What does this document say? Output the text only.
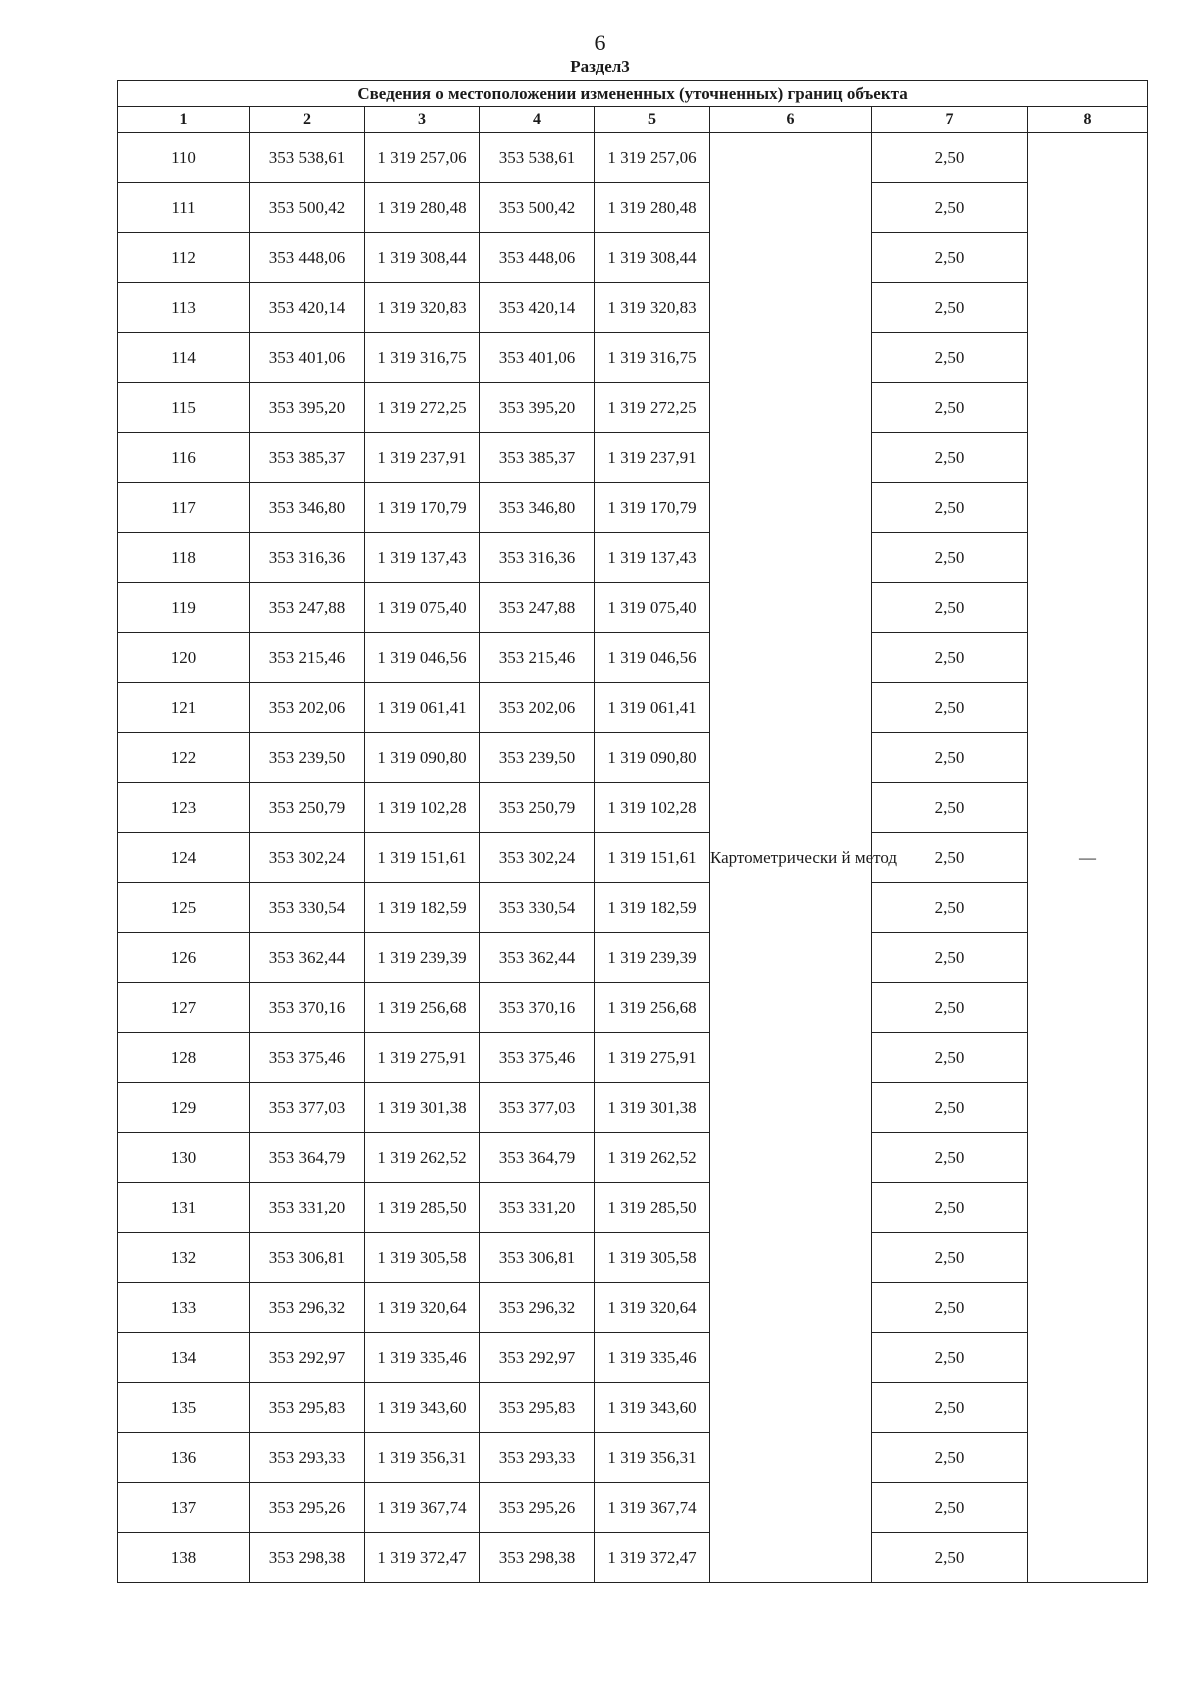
6
Раздел3
Сведения о местоположении измененных (уточненных) границ объекта							
1	2	3	4	5	6	7	8
110	353 538,61	1 319 257,06	353 538,61	1 319 257,06	Картометрически й метод	2,50	—
111	353 500,42	1 319 280,48	353 500,42	1 319 280,48		2,50	
112	353 448,06	1 319 308,44	353 448,06	1 319 308,44		2,50	
113	353 420,14	1 319 320,83	353 420,14	1 319 320,83		2,50	
114	353 401,06	1 319 316,75	353 401,06	1 319 316,75		2,50	
115	353 395,20	1 319 272,25	353 395,20	1 319 272,25		2,50	
116	353 385,37	1 319 237,91	353 385,37	1 319 237,91		2,50	
117	353 346,80	1 319 170,79	353 346,80	1 319 170,79		2,50	
118	353 316,36	1 319 137,43	353 316,36	1 319 137,43		2,50	
119	353 247,88	1 319 075,40	353 247,88	1 319 075,40		2,50	
120	353 215,46	1 319 046,56	353 215,46	1 319 046,56		2,50	
121	353 202,06	1 319 061,41	353 202,06	1 319 061,41		2,50	
122	353 239,50	1 319 090,80	353 239,50	1 319 090,80		2,50	
123	353 250,79	1 319 102,28	353 250,79	1 319 102,28		2,50	
124	353 302,24	1 319 151,61	353 302,24	1 319 151,61		2,50	
125	353 330,54	1 319 182,59	353 330,54	1 319 182,59		2,50	
126	353 362,44	1 319 239,39	353 362,44	1 319 239,39		2,50	
127	353 370,16	1 319 256,68	353 370,16	1 319 256,68		2,50	
128	353 375,46	1 319 275,91	353 375,46	1 319 275,91		2,50	
129	353 377,03	1 319 301,38	353 377,03	1 319 301,38		2,50	
130	353 364,79	1 319 262,52	353 364,79	1 319 262,52		2,50	
131	353 331,20	1 319 285,50	353 331,20	1 319 285,50		2,50	
132	353 306,81	1 319 305,58	353 306,81	1 319 305,58		2,50	
133	353 296,32	1 319 320,64	353 296,32	1 319 320,64		2,50	
134	353 292,97	1 319 335,46	353 292,97	1 319 335,46		2,50	
135	353 295,83	1 319 343,60	353 295,83	1 319 343,60		2,50	
136	353 293,33	1 319 356,31	353 293,33	1 319 356,31		2,50	
137	353 295,26	1 319 367,74	353 295,26	1 319 367,74		2,50	
138	353 298,38	1 319 372,47	353 298,38	1 319 372,47		2,50	
